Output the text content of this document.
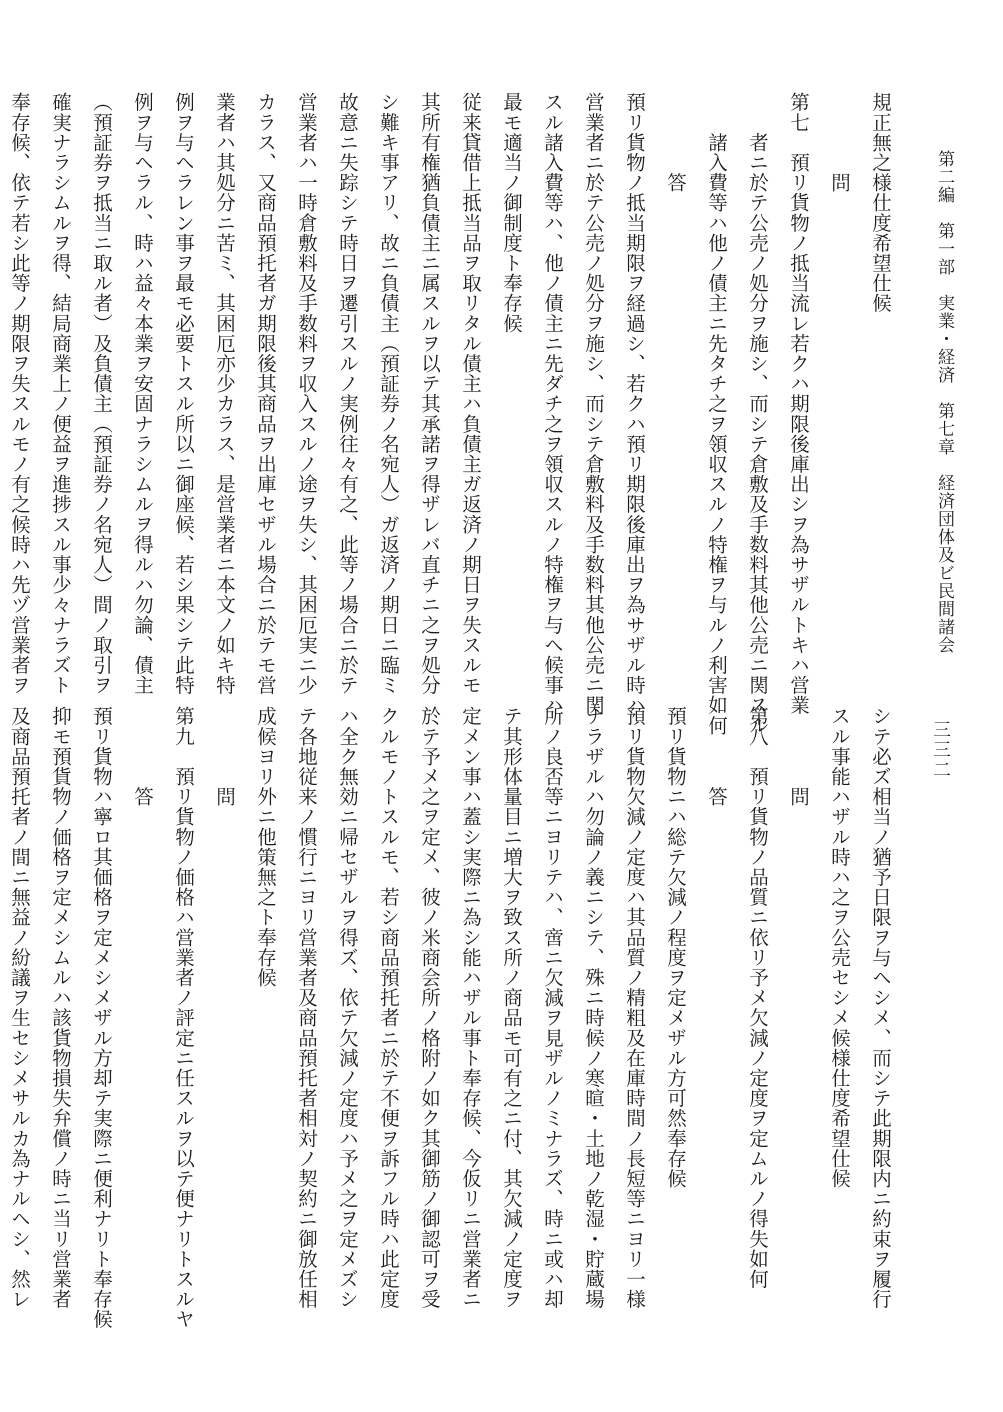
第二編　第一部　実業・経済　第七章　経済団体及ビ民間諸会
三三二
規正無之様仕度希望仕候
　　　　問
第七　預リ貨物ノ抵当流レ若クハ期限後庫出シヲ為サザルトキハ営業
　　者ニ於テ公売ノ処分ヲ施シ、而シテ倉敷及手数料其他公売ニ関スル
　　諸入費等ハ他ノ債主ニ先タチ之ヲ領収スルノ特権ヲ与ルノ利害如何
　　　　答
預リ貨物ノ抵当期限ヲ経過シ、若クハ預リ期限後庫出ヲ為サザル時ハ
営業者ニ於テ公売ノ処分ヲ施シ、而シテ倉敷料及手数料其他公売ニ関
スル諸入費等ハ、他ノ債主ニ先ダチ之ヲ領収スルノ特権ヲ与ヘ候事ハ
最モ適当ノ御制度ト奉存候
従来貸借上抵当品ヲ取リタル債主ハ負債主ガ返済ノ期日ヲ失スルモ
其所有権猶負債主ニ属スルヲ以テ其承諾ヲ得ザレバ直チニ之ヲ処分
シ難キ事アリ、故ニ負債主（預証券ノ名宛人）ガ返済ノ期日ニ臨ミ
故意ニ失踪シテ時日ヲ遷引スルノ実例往々有之、此等ノ場合ニ於テ
営業者ハ一時倉敷料及手数料ヲ収入スルノ途ヲ失シ、其困厄実ニ少
カラス、又商品預托者ガ期限後其商品ヲ出庫セザル場合ニ於テモ営
業者ハ其処分ニ苦ミ、其困厄亦少カラス、是営業者ニ本文ノ如キ特
例ヲ与ヘラレン事ヲ最モ必要トスル所以ニ御座候、若シ果シテ此特
例ヲ与ヘラル、時ハ益々本業ヲ安固ナラシムルヲ得ルハ勿論、債主
（預証券ヲ抵当ニ取ル者）及負債主（預証券ノ名宛人）間ノ取引ヲ
確実ナラシムルヲ得、結局商業上ノ便益ヲ進捗スル事少々ナラズト
奉存候、依テ若シ此等ノ期限ヲ失スルモノ有之候時ハ先ヅ営業者ヲ
シテ必ズ相当ノ猶予日限ヲ与ヘシメ、而シテ此期限内ニ約束ヲ履行
スル事能ハザル時ハ之ヲ公売セシメ候様仕度希望仕候
　　　　問
第八　預リ貨物ノ品質ニ依リ予メ欠減ノ定度ヲ定ムルノ得失如何
　　　　答
預リ貨物ニハ総テ欠減ノ程度ヲ定メザル方可然奉存候
預リ貨物欠減ノ定度ハ其品質ノ精粗及在庫時間ノ長短等ニヨリ一様
ナラザルハ勿論ノ義ニシテ、殊ニ時候ノ寒暄・土地ノ乾湿・貯蔵場
所ノ良否等ニヨリテハ、啻ニ欠減ヲ見ザルノミナラズ、時ニ或ハ却
テ其形体量目ニ増大ヲ致ス所ノ商品モ可有之ニ付、其欠減ノ定度ヲ
定メン事ハ蓋シ実際ニ為シ能ハザル事ト奉存候、今仮リニ営業者ニ
於テ予メ之ヲ定メ、彼ノ米商会所ノ格附ノ如ク其御筋ノ御認可ヲ受
クルモノトスルモ、若シ商品預托者ニ於テ不便ヲ訴フル時ハ此定度
ハ全ク無効ニ帰セザルヲ得ズ、依テ欠減ノ定度ハ予メ之ヲ定メズシ
テ各地従来ノ慣行ニヨリ営業者及商品預托者相対ノ契約ニ御放任相
成候ヨリ外ニ他策無之ト奉存候
　　　　問
第九　預リ貨物ノ価格ハ営業者ノ評定ニ任スルヲ以テ便ナリトスルヤ
　　　　答
預リ貨物ハ寧ロ其価格ヲ定メシメザル方却テ実際ニ便利ナリト奉存候
抑モ預貨物ノ価格ヲ定メシムルハ該貨物損失弁償ノ時ニ当リ営業者
及商品預托者ノ間ニ無益ノ紛議ヲ生セシメサルカ為ナルヘシ、然レ
